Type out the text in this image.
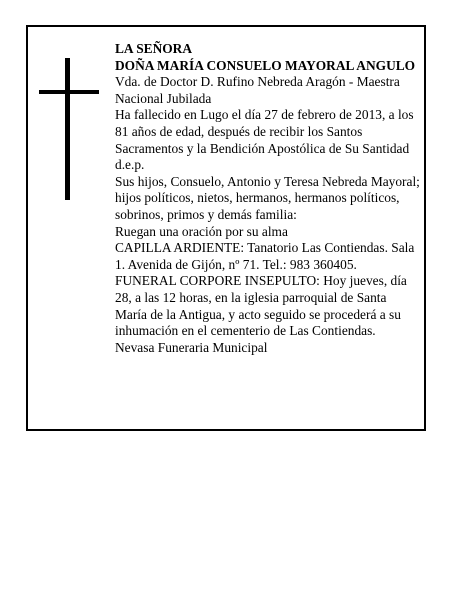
LA SEÑORA

DOÑA MARÍA CONSUELO MAYORAL ANGULO

Vda. de Doctor D. Rufino Nebreda Aragón - Maestra Nacional Jubilada

Ha fallecido en Lugo el día 27 de febrero de 2013, a los 81 años de edad, después de recibir los Santos Sacramentos y la Bendición Apostólica de Su Santidad

d.e.p.

Sus hijos, Consuelo, Antonio y Teresa Nebreda Mayoral; hijos políticos, nietos, hermanos, hermanos políticos, sobrinos, primos y demás familia:

Ruegan una oración por su alma

CAPILLA ARDIENTE: Tanatorio Las Contiendas. Sala 1. Avenida de Gijón, nº 71. Tel.: 983 360405.

FUNERAL CORPORE INSEPULTO: Hoy jueves, día 28, a las 12 horas, en la iglesia parroquial de Santa María de la Antigua, y acto seguido se procederá a su inhumación en el cementerio de Las Contiendas.

Nevasa Funeraria Municipal
